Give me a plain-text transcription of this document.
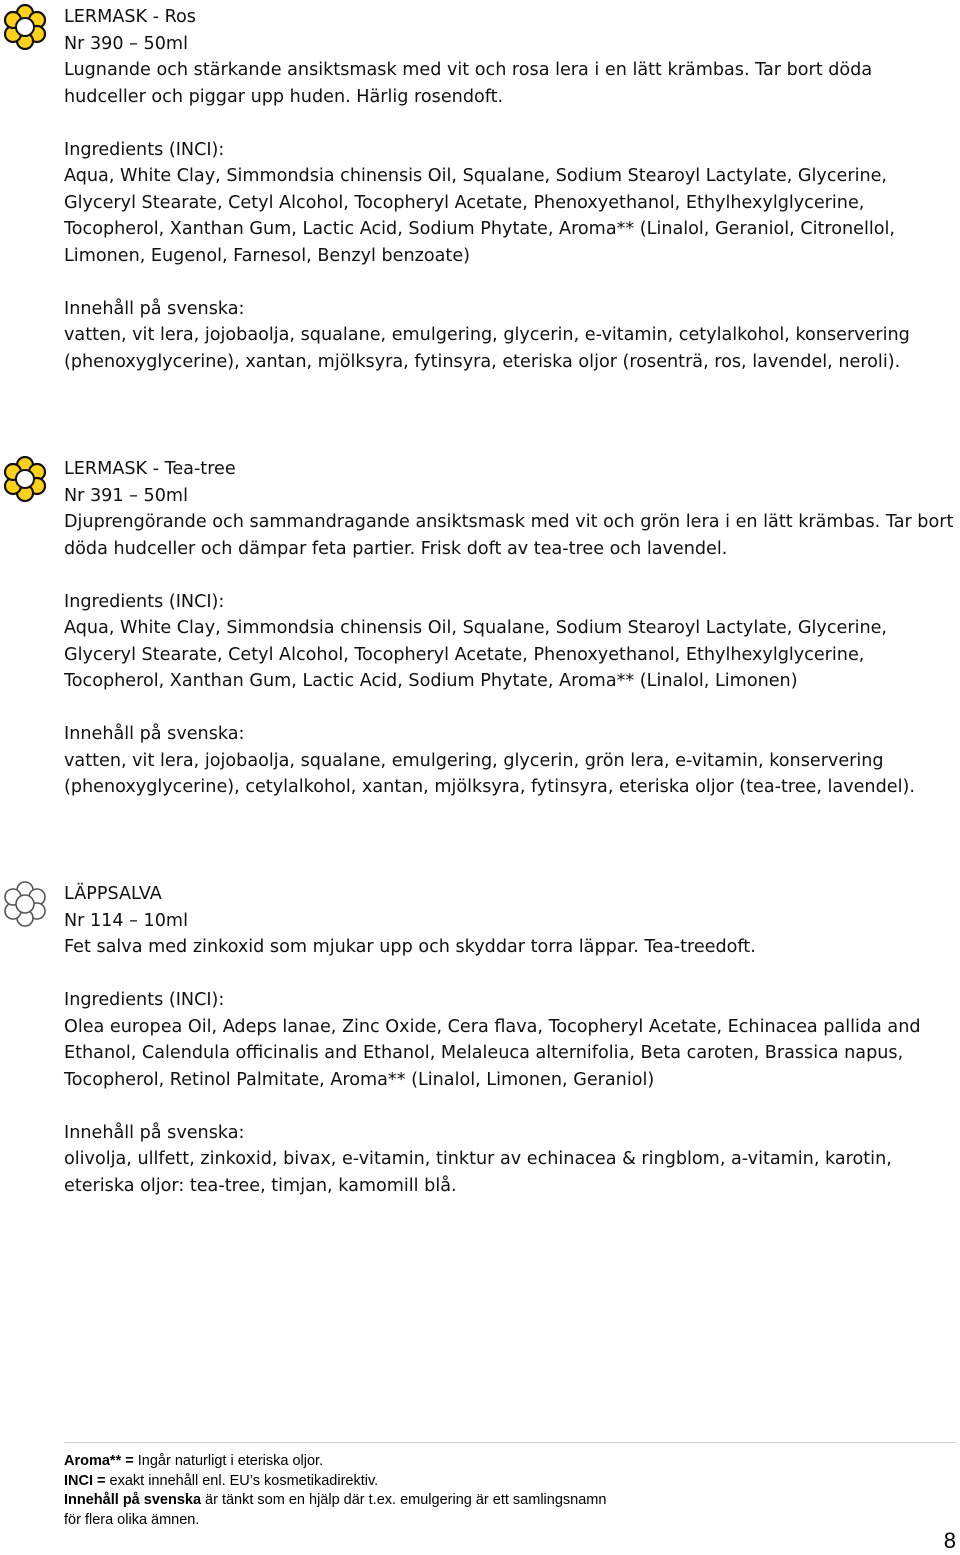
LERMASK - Ros

Nr 390 – 50ml

Lugnande och stärkande ansiktsmask med vit och rosa lera i en lätt krämbas. Tar bort döda hudceller och piggar upp huden. Härlig rosendoft.

Ingredients (INCI):

Aqua, White Clay, Simmondsia chinensis Oil, Squalane, Sodium Stearoyl Lactylate, Glycerine, Glyceryl Stearate, Cetyl Alcohol, Tocopheryl Acetate, Phenoxyethanol, Ethylhexylglycerine, Tocopherol, Xanthan Gum, Lactic Acid, Sodium Phytate, Aroma** (Linalol, Geraniol, Citronellol, Limonen, Eugenol, Farnesol, Benzyl benzoate)

Innehåll på svenska:

vatten, vit lera, jojobaolja, squalane, emulgering, glycerin, e-vitamin, cetylalkohol, konservering (phenoxyglycerine), xantan, mjölksyra, fytinsyra, eteriska oljor (rosenträ, ros, lavendel, neroli).

LERMASK - Tea-tree

Nr 391 – 50ml

Djuprengörande och sammandragande ansiktsmask med vit och grön lera i en lätt krämbas. Tar bort döda hudceller och dämpar feta partier. Frisk doft av tea-tree och lavendel.

Ingredients (INCI):

Aqua, White Clay, Simmondsia chinensis Oil, Squalane, Sodium Stearoyl Lactylate, Glycerine, Glyceryl Stearate, Cetyl Alcohol, Tocopheryl Acetate, Phenoxyethanol, Ethylhexylglycerine, Tocopherol, Xanthan Gum, Lactic Acid, Sodium Phytate, Aroma** (Linalol, Limonen)

Innehåll på svenska:

vatten, vit lera, jojobaolja, squalane, emulgering, glycerin, grön lera, e-vitamin, konservering (phenoxyglycerine), cetylalkohol, xantan, mjölksyra, fytinsyra, eteriska oljor (tea-tree, lavendel).

LÄPPSALVA

Nr 114 – 10ml

Fet salva med zinkoxid som mjukar upp och skyddar torra läppar. Tea-treedoft.

Ingredients (INCI):

Olea europea Oil, Adeps lanae, Zinc Oxide, Cera flava, Tocopheryl Acetate, Echinacea pallida and Ethanol, Calendula officinalis and Ethanol, Melaleuca alternifolia, Beta caroten, Brassica napus, Tocopherol, Retinol Palmitate, Aroma** (Linalol, Limonen, Geraniol)

Innehåll på svenska:

olivolja, ullfett, zinkoxid, bivax, e-vitamin, tinktur av echinacea & ringblom, a-vitamin, karotin, eteriska oljor: tea-tree, timjan, kamomill blå.

Aroma** = Ingår naturligt i eteriska oljor.

INCI = exakt innehåll enl. EU’s kosmetikadirektiv.

Innehåll på svenska är tänkt som en hjälp där t.ex. emulgering är ett samlingsnamn för flera olika ämnen.

8
